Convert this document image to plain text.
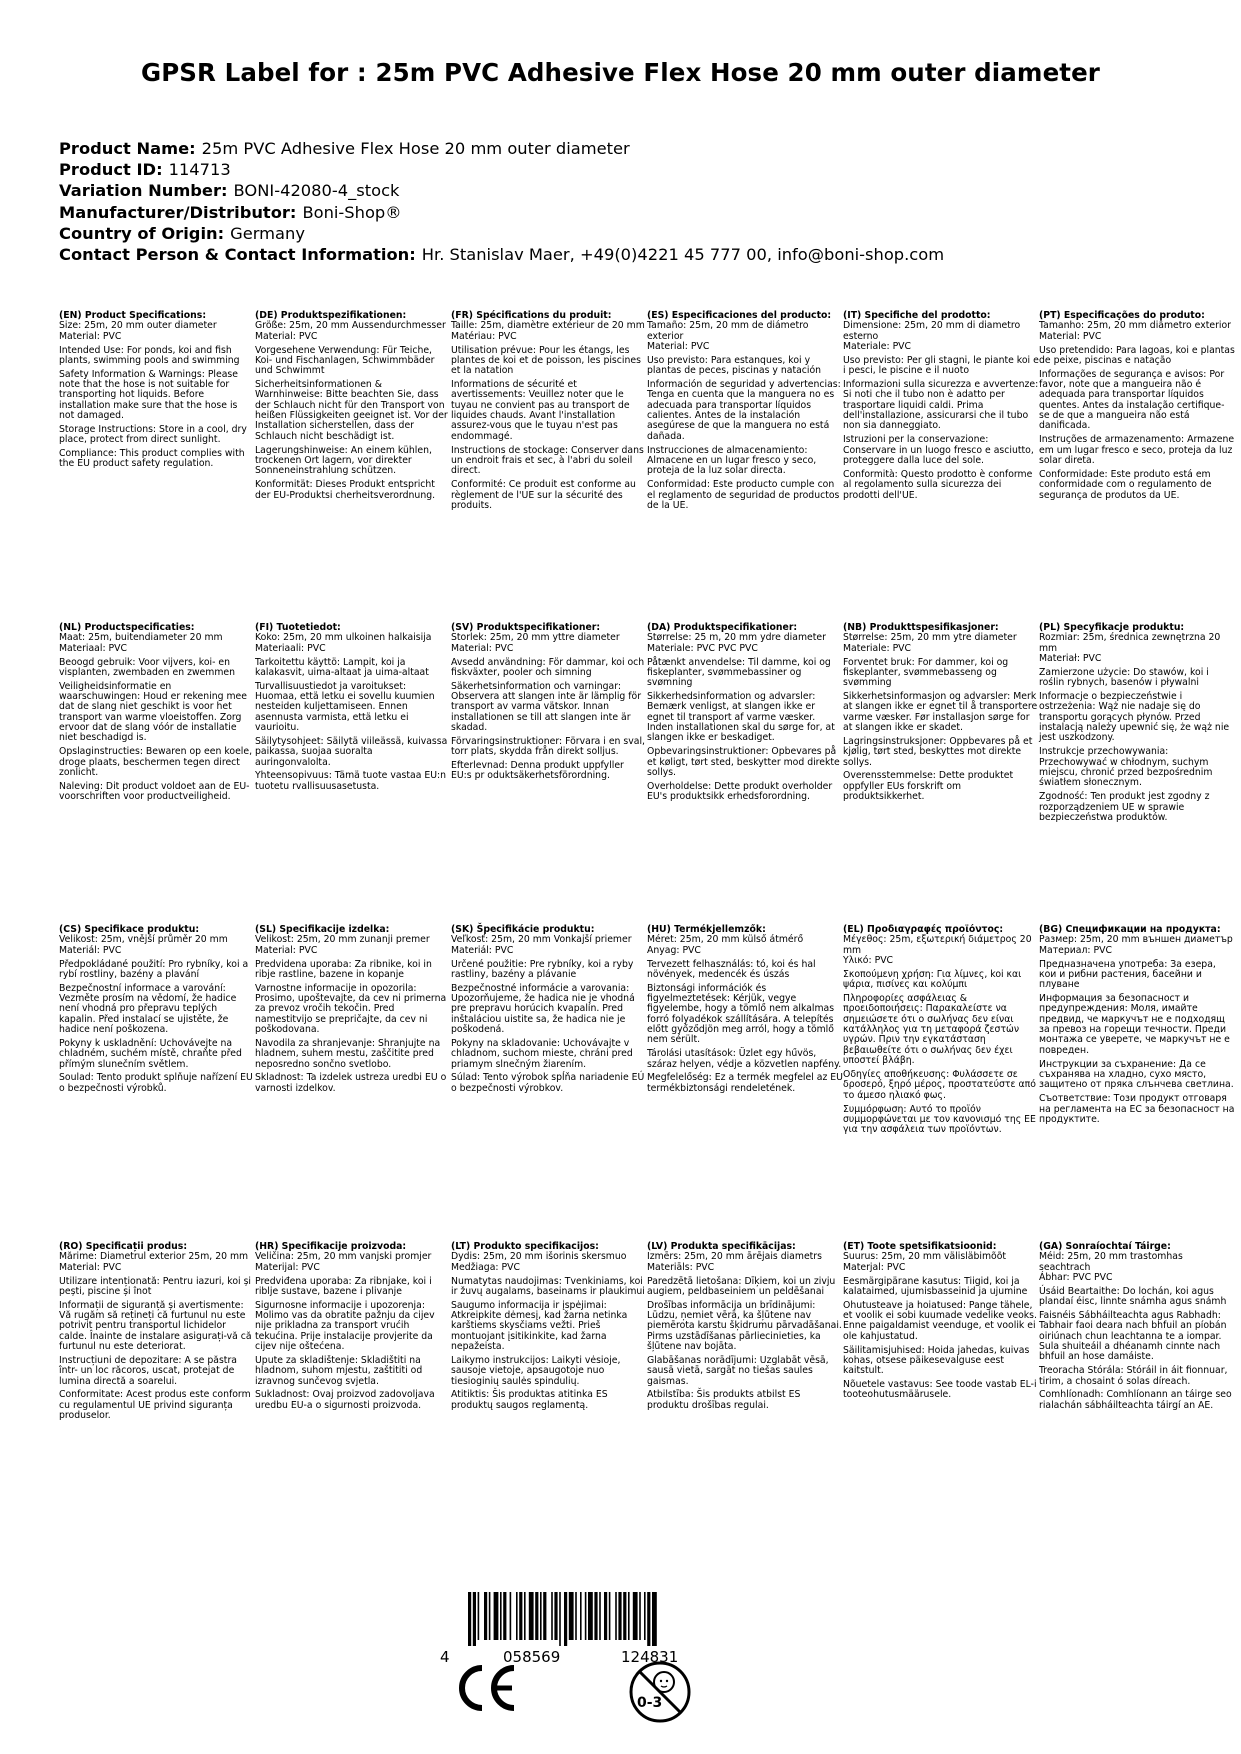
GPSR Label for : 25m PVC Adhesive Flex Hose 20 mm outer diameter
Product Name: 25m PVC Adhesive Flex Hose 20 mm outer diameter
Product ID: 114713
Variation Number: BONI-42080-4_stock
Manufacturer/Distributor: Boni-Shop®
Country of Origin: Germany
Contact Person & Contact Information: Hr. Stanislav Maer, +49(0)4221 45 777 00, info@boni-shop.com
(EN) Product Specifications:

Size: 25m, 20 mm outer diameter

Material: PVC

Intended Use: For ponds, koi and fish plants, swimming pools and swimming

Safety Information & Warnings: Please note that the hose is not suitable for transporting hot liquids. Before installation make sure that the hose is not damaged.

Storage Instructions: Store in a cool, dry place, protect from direct sunlight.

Compliance: This product complies with the EU product safety regulation.

(DE) Produktspezifikationen:

Größe: 25m, 20 mm Aussendurchmesser

Material: PVC

Vorgesehene Verwendung: Für Teiche, Koi- und Fischanlagen, Schwimmbäder und Schwimmt

Sicherheitsinformationen & Warnhinweise: Bitte beachten Sie, dass der Schlauch nicht für den Transport von heißen Flüssigkeiten geeignet ist. Vor der Installation sicherstellen, dass der Schlauch nicht beschädigt ist.

Lagerungshinweise: An einem kühlen, trockenen Ort lagern, vor direkter Sonneneinstrahlung schützen.

Konformität: Dieses Produkt entspricht der EU-Produktsi cherheitsverordnung.

(FR) Spécifications du produit:

Taille: 25m, diamètre extérieur de 20 mm

Matériau: PVC

Utilisation prévue: Pour les étangs, les plantes de koi et de poisson, les piscines et la natation

Informations de sécurité et avertissements: Veuillez noter que le tuyau ne convient pas au transport de liquides chauds. Avant l'installation assurez-vous que le tuyau n'est pas endommagé.

Instructions de stockage: Conserver dans un endroit frais et sec, à l'abri du soleil direct.

Conformité: Ce produit est conforme au règlement de l'UE sur la sécurité des produits.

(ES) Especificaciones del producto:

Tamaño: 25m, 20 mm de diámetro exterior

Material: PVC

Uso previsto: Para estanques, koi y plantas de peces, piscinas y natación

Información de seguridad y advertencias: Tenga en cuenta que la manguera no es adecuada para transportar líquidos calientes. Antes de la instalación asegúrese de que la manguera no está dañada.

Instrucciones de almacenamiento: Almacene en un lugar fresco y seco, proteja de la luz solar directa.

Conformidad: Este producto cumple con el reglamento de seguridad de productos de la UE.

(IT) Specifiche del prodotto:

Dimensione: 25m, 20 mm di diametro esterno

Materiale: PVC

Uso previsto: Per gli stagni, le piante koi e i pesci, le piscine e il nuoto

Informazioni sulla sicurezza e avvertenze: Si noti che il tubo non è adatto per trasportare liquidi caldi. Prima dell'installazione, assicurarsi che il tubo non sia danneggiato.

Istruzioni per la conservazione: Conservare in un luogo fresco e asciutto, proteggere dalla luce del sole.

Conformità: Questo prodotto è conforme al regolamento sulla sicurezza dei prodotti dell'UE.

(PT) Especificações do produto:

Tamanho: 25m, 20 mm diâmetro exterior

Material: PVC

Uso pretendido: Para lagoas, koi e plantas de peixe, piscinas e natação

Informações de segurança e avisos: Por favor, note que a mangueira não é adequada para transportar líquidos quentes. Antes da instalação certifique-se de que a mangueira não está danificada.

Instruções de armazenamento: Armazene em um lugar fresco e seco, proteja da luz solar direta.

Conformidade: Este produto está em conformidade com o regulamento de segurança de produtos da UE.

(NL) Productspecificaties:

Maat: 25m, buitendiameter 20 mm

Materiaal: PVC

Beoogd gebruik: Voor vijvers, koi- en visplanten, zwembaden en zwemmen

Veiligheidsinformatie en waarschuwingen: Houd er rekening mee dat de slang niet geschikt is voor het transport van warme vloeistoffen. Zorg ervoor dat de slang vóór de installatie niet beschadigd is.

Opslaginstructies: Bewaren op een koele, droge plaats, beschermen tegen direct zonlicht.

Naleving: Dit product voldoet aan de EU-voorschriften voor productveiligheid.

(FI) Tuotetiedot:

Koko: 25m, 20 mm ulkoinen halkaisija

Materiaali: PVC

Tarkoitettu käyttö: Lampit, koi ja kalakasvit, uima-altaat ja uima-altaat

Turvallisuustiedot ja varoitukset: Huomaa, että letku ei sovellu kuumien nesteiden kuljettamiseen. Ennen asennusta varmista, että letku ei vaurioitu.

Säilytysohjeet: Säilytä viileässä, kuivassa paikassa, suojaa suoralta auringonvalolta.

Yhteensopivuus: Tämä tuote vastaa EU:n tuotetu rvallisuusasetusta.

(SV) Produktspecifikationer:

Storlek: 25m, 20 mm yttre diameter

Material: PVC

Avsedd användning: För dammar, koi och fiskväxter, pooler och simning

Säkerhetsinformation och varningar: Observera att slangen inte är lämplig för transport av varma vätskor. Innan installationen se till att slangen inte är skadad.

Förvaringsinstruktioner: Förvara i en sval, torr plats, skydda från direkt solljus.

Efterlevnad: Denna produkt uppfyller EU:s pr oduktsäkerhetsförordning.

(DA) Produktspecifikationer:

Størrelse: 25 m, 20 mm ydre diameter

Materiale: PVC PVC PVC

Påtænkt anvendelse: Til damme, koi og fiskeplanter, svømmebassiner og svømning

Sikkerhedsinformation og advarsler: Bemærk venligst, at slangen ikke er egnet til transport af varme væsker. Inden installationen skal du sørge for, at slangen ikke er beskadiget.

Opbevaringsinstruktioner: Opbevares på et køligt, tørt sted, beskytter mod direkte sollys.

Overholdelse: Dette produkt overholder EU's produktsikk erhedsforordning.

(NB) Produkttspesifikasjoner:

Størrelse: 25m, 20 mm ytre diameter

Materiale: PVC

Forventet bruk: For dammer, koi og fiskeplanter, svømmebasseng og svømming

Sikkerhetsinformasjon og advarsler: Merk at slangen ikke er egnet til å transportere varme væsker. Før installasjon sørge for at slangen ikke er skadet.

Lagringsinstruksjoner: Oppbevares på et kjølig, tørt sted, beskyttes mot direkte sollys.

Overensstemmelse: Dette produktet oppfyller EUs forskrift om produktsikkerhet.

(PL) Specyfikacje produktu:

Rozmiar: 25m, średnica zewnętrzna 20 mm

Materiał: PVC

Zamierzone użycie: Do stawów, koi i roślin rybnych, basenów i pływalni

Informacje o bezpieczeństwie i ostrzeżenia: Wąż nie nadaje się do transportu gorących płynów. Przed instalacją należy upewnić się, że wąż nie jest uszkodzony.

Instrukcje przechowywania: Przechowywać w chłodnym, suchym miejscu, chronić przed bezpośrednim światłem słonecznym.

Zgodność: Ten produkt jest zgodny z rozporządzeniem UE w sprawie bezpieczeństwa produktów.

(CS) Specifikace produktu:

Velikost: 25m, vnější průměr 20 mm

Materiál: PVC

Předpokládané použití: Pro rybníky, koi a rybí rostliny, bazény a plavání

Bezpečnostní informace a varování: Vezměte prosím na vědomí, že hadice není vhodná pro přepravu teplých kapalin. Před instalací se ujistěte, že hadice není poškozena.

Pokyny k uskladnění: Uchovávejte na chladném, suchém místě, chraňte před přímým slunečním světlem.

Soulad: Tento produkt splňuje nařízení EU o bezpečnosti výrobků.

(SL) Specifikacije izdelka:

Velikost: 25m, 20 mm zunanji premer

Material: PVC

Predvidena uporaba: Za ribnike, koi in ribje rastline, bazene in kopanje

Varnostne informacije in opozorila: Prosimo, upoštevajte, da cev ni primerna za prevoz vročih tekočin. Pred namestitvijo se prepričajte, da cev ni poškodovana.

Navodila za shranjevanje: Shranjujte na hladnem, suhem mestu, zaščitite pred neposredno sončno svetlobo.

Skladnost: Ta izdelek ustreza uredbi EU o varnosti izdelkov.

(SK) Špecifikácie produktu:

Veľkosť: 25m, 20 mm Vonkajší priemer

Materiál: PVC

Určené použitie: Pre rybníky, koi a ryby rastliny, bazény a plávanie

Bezpečnostné informácie a varovania: Upozorňujeme, že hadica nie je vhodná pre prepravu horúcich kvapalín. Pred inštaláciou uistite sa, že hadica nie je poškodená.

Pokyny na skladovanie: Uchovávajte v chladnom, suchom mieste, chráni pred priamym slnečným žiarením.

Súlad: Tento výrobok spĺňa nariadenie EÚ o bezpečnosti výrobkov.

(HU) Termékjellemzők:

Méret: 25m, 20 mm külső átmérő

Anyag: PVC

Tervezett felhasználás: tó, koi és hal növények, medencék és úszás

Biztonsági információk és figyelmeztetések: Kérjük, vegye figyelembe, hogy a tömlő nem alkalmas forró folyadékok szállítására. A telepítés előtt győződjön meg arról, hogy a tömlő nem sérült.

Tárolási utasítások: Üzlet egy hűvös, száraz helyen, védje a közvetlen napfény.

Megfelelőség: Ez a termék megfelel az EU termékbiztonsági rendeletének.

(EL) Προδιαγραφές προϊόντος:

Μέγεθος: 25m, εξωτερική διάμετρος 20 mm

Υλικό: PVC

Σκοπούμενη χρήση: Για λίμνες, koi και ψάρια, πισίνες και κολύμπι

Πληροφορίες ασφάλειας & προειδοποιήσεις: Παρακαλείστε να σημειώσετε ότι ο σωλήνας δεν είναι κατάλληλος για τη μεταφορά ζεστών υγρών. Πριν την εγκατάσταση βεβαιωθείτε ότι ο σωλήνας δεν έχει υποστεί βλάβη.

Οδηγίες αποθήκευσης: Φυλάσσετε σε δροσερό, ξηρό μέρος, προστατεύστε από το άμεσο ηλιακό φως.

Συμμόρφωση: Αυτό το προϊόν συμμορφώνεται με τον κανονισμό της ΕΕ για την ασφάλεια των προϊόντων.

(BG) Спецификации на продукта:

Размер: 25m, 20 mm външен диаметър

Материал: PVC

Предназначена употреба: За езера, кои и рибни растения, басейни и плуване

Информация за безопасност и предупреждения: Моля, имайте предвид, че маркучът не е подходящ за превоз на горещи течности. Преди монтажа се уверете, че маркучът не е повреден.

Инструкции за съхранение: Да се съхранява на хладно, сухо място, защитено от пряка слънчева светлина.

Съответствие: Този продукт отговаря на регламента на ЕС за безопасност на продуктите.

(RO) Specificații produs:

Mărime: Diametrul exterior 25m, 20 mm

Material: PVC

Utilizare intenționată: Pentru iazuri, koi și pești, piscine și înot

Informații de siguranță și avertismente: Vă rugăm să rețineți că furtunul nu este potrivit pentru transportul lichidelor calde. Înainte de instalare asigurați-vă că furtunul nu este deteriorat.

Instrucțiuni de depozitare: A se păstra într- un loc răcoros, uscat, protejat de lumina directă a soarelui.

Conformitate: Acest produs este conform cu regulamentul UE privind siguranța produselor.

(HR) Specifikacije proizvoda:

Veličina: 25m, 20 mm vanjski promjer

Materijal: PVC

Predviđena uporaba: Za ribnjake, koi i riblje sustave, bazene i plivanje

Sigurnosne informacije i upozorenja: Molimo vas da obratite pažnju da cijev nije prikladna za transport vrućih tekućina. Prije instalacije provjerite da cijev nije oštećena.

Upute za skladištenje: Skladištiti na hladnom, suhom mjestu, zaštititi od izravnog sunčevog svjetla.

Sukladnost: Ovaj proizvod zadovoljava uredbu EU-a o sigurnosti proizvoda.

(LT) Produkto specifikacijos:

Dydis: 25m, 20 mm išorinis skersmuo

Medžiaga: PVC

Numatytas naudojimas: Tvenkiniams, koi ir žuvų augalams, baseinams ir plaukimui

Saugumo informacija ir įspėjimai: Atkreipkite dėmesį, kad žarna netinka karštiems skysčiams vežti. Prieš montuojant įsitikinkite, kad žarna nepažeista.

Laikymo instrukcijos: Laikyti vėsioje, sausoje vietoje, apsaugotoje nuo tiesioginių saulės spindulių.

Atitiktis: Šis produktas atitinka ES produktų saugos reglamentą.

(LV) Produkta specifikācijas:

Izmērs: 25m, 20 mm ārējais diametrs

Materiāls: PVC

Paredzētā lietošana: Dīķiem, koi un zivju augiem, peldbaseiniem un peldēšanai

Drošības informācija un brīdinājumi: Lūdzu, ņemiet vērā, ka šļūtene nav piemērota karstu šķidrumu pārvadāšanai. Pirms uzstādīšanas pārliecinieties, ka šļūtene nav bojāta.

Glabāšanas norādījumi: Uzglabāt vēsā, sausā vietā, sargāt no tiešas saules gaismas.

Atbilstība: Šis produkts atbilst ES produktu drošības regulai.

(ET) Toote spetsifikatsioonid:

Suurus: 25m, 20 mm välisläbimõõt

Materjal: PVC

Eesmärgipärane kasutus: Tiigid, koi ja kalataimed, ujumisbasseinid ja ujumine

Ohutusteave ja hoiatused: Pange tähele, et voolik ei sobi kuumade vedelike veoks. Enne paigaldamist veenduge, et voolik ei ole kahjustatud.

Säilitamisjuhised: Hoida jahedas, kuivas kohas, otsese päikesevalguse eest kaitstult.

Nõuetele vastavus: See toode vastab EL-i tooteohutusmäärusele.

(GA) Sonraíochtaí Táirge:

Méid: 25m, 20 mm trastomhas seachtrach

Ábhar: PVC PVC

Úsáid Beartaithe: Do lochán, koi agus plandaí éisc, linnte snámha agus snámh

Faisnéis Sábháilteachta agus Rabhadh: Tabhair faoi deara nach bhfuil an píobán oiriúnach chun leachtanna te a iompar. Sula shuiteáil a dhéanamh cinnte nach bhfuil an hose damáiste.

Treoracha Stórála: Stóráil in áit fionnuar, tirim, a chosaint ó solas díreach.

Comhlíonadh: Comhlíonann an táirge seo rialachán sábháilteachta táirgí an AE.

4	058569	124831
0-3
